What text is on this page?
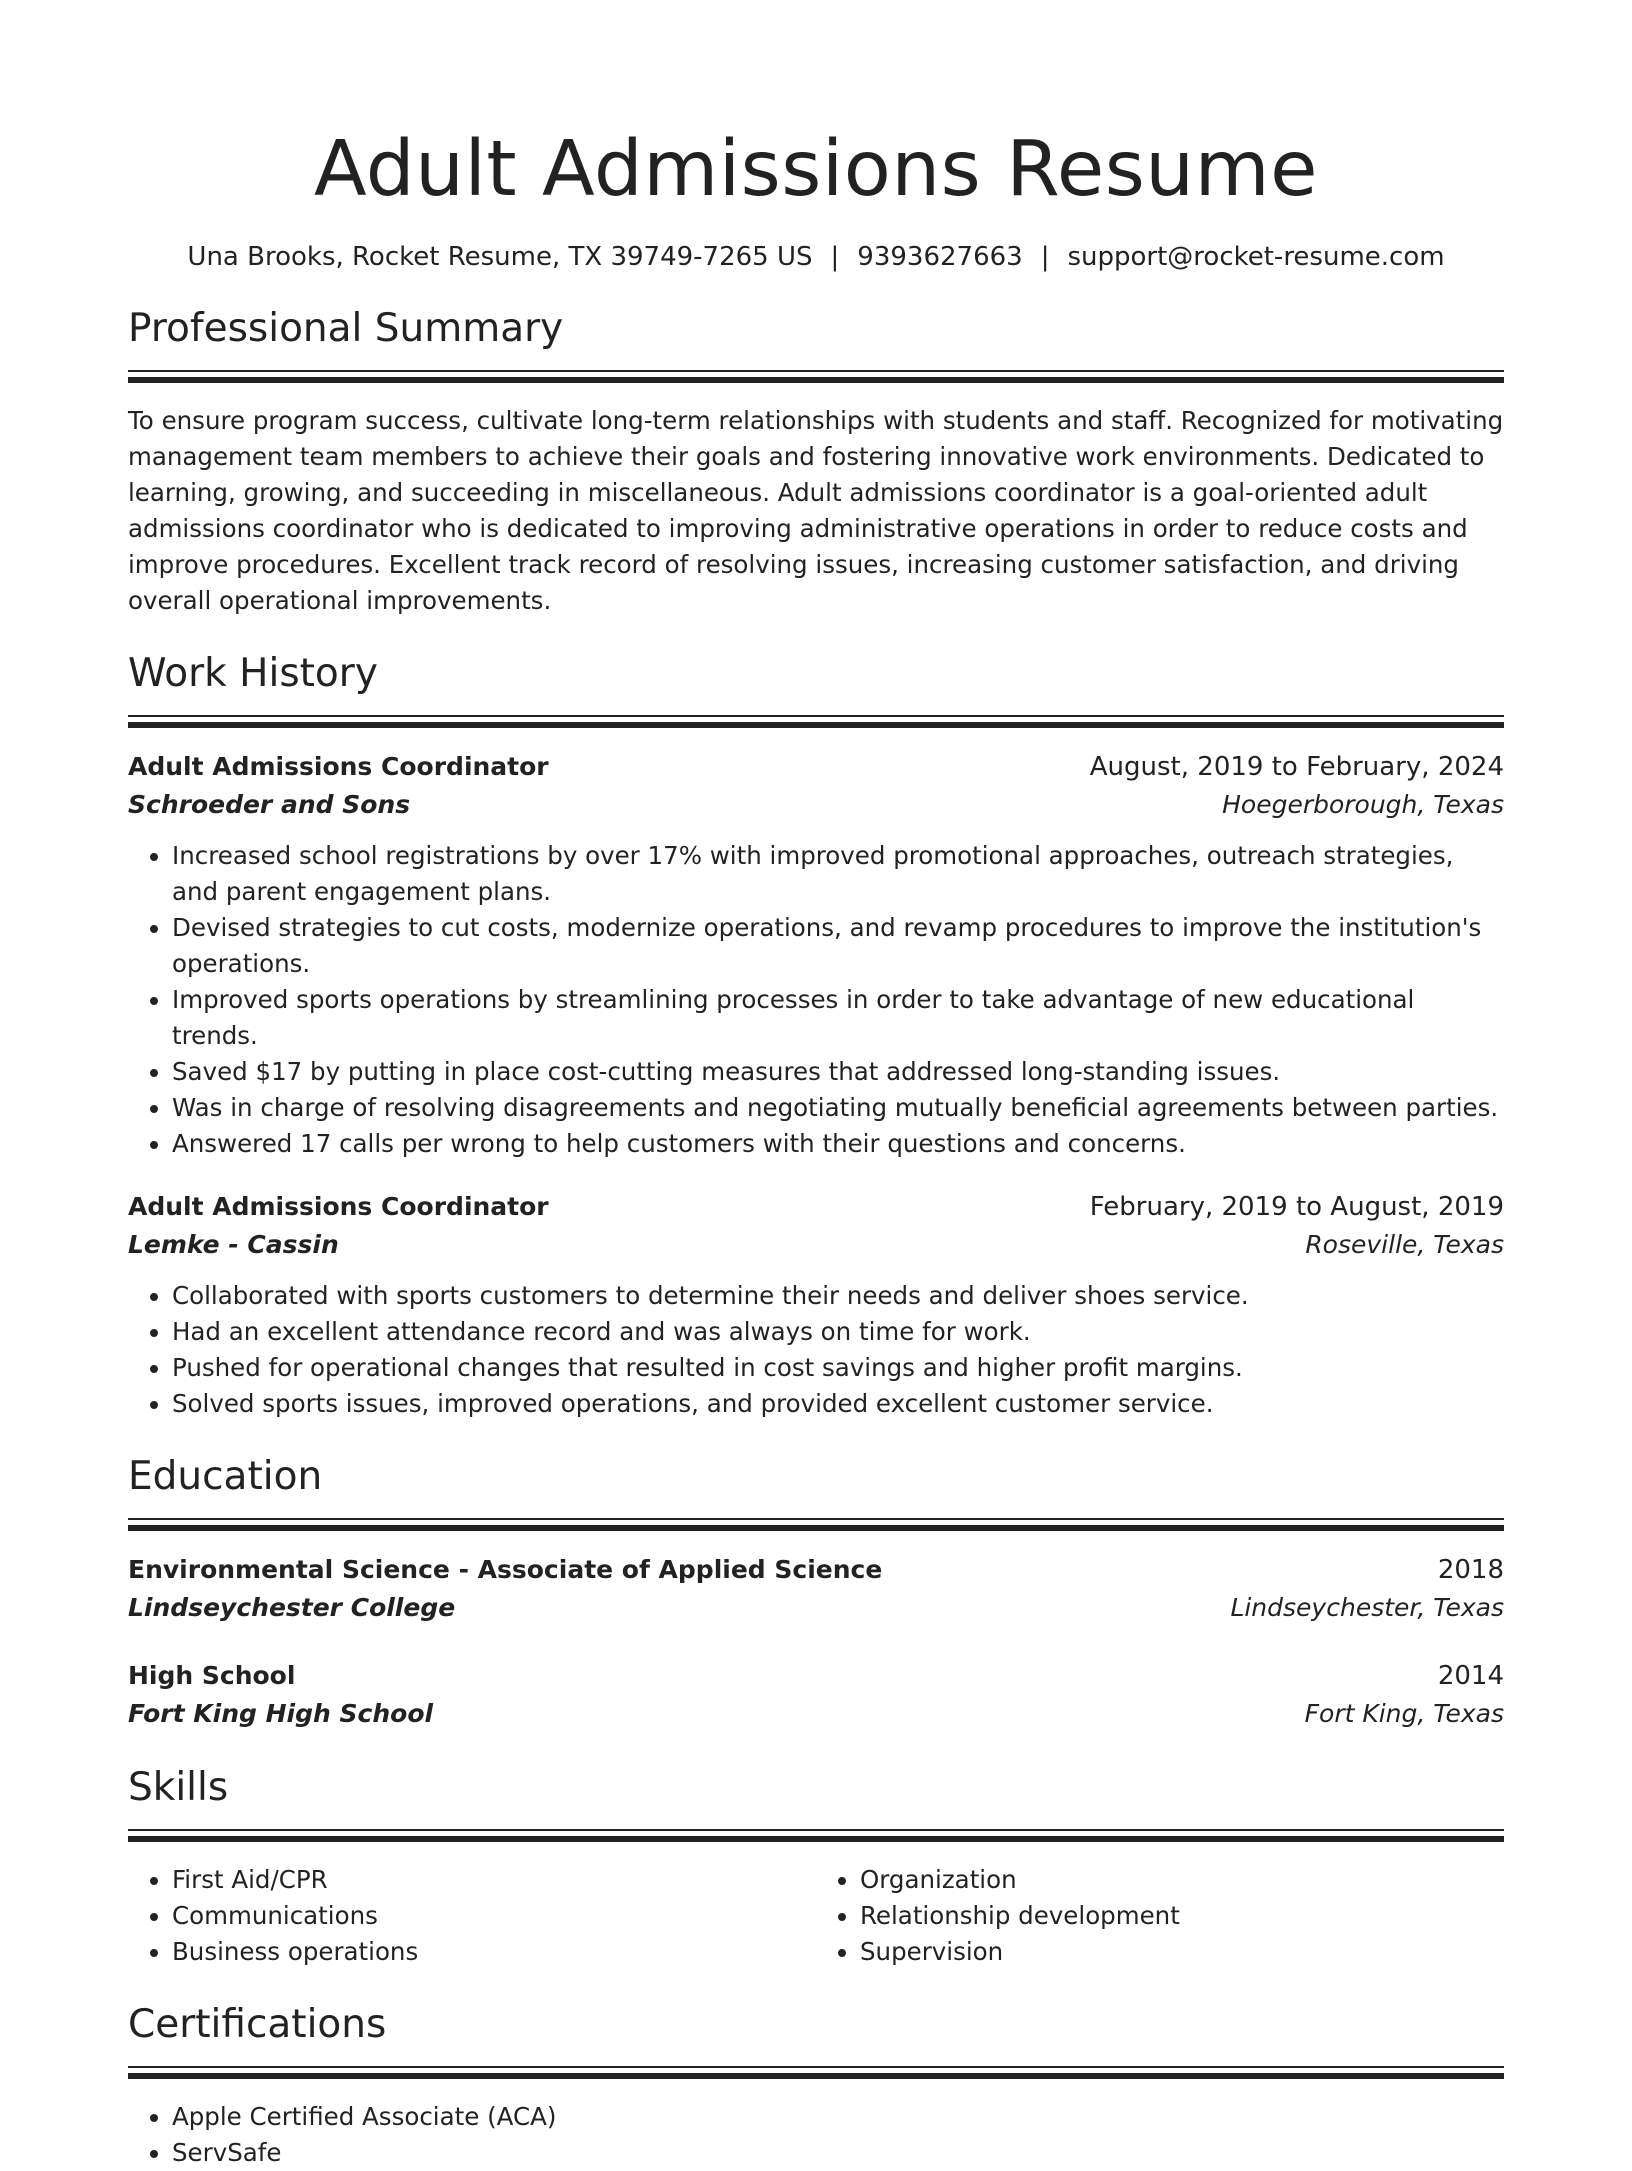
Adult Admissions Resume
Una Brooks, Rocket Resume, TX 39749-7265 US | 9393627663 | support@rocket-resume.com
Professional Summary

To ensure program success, cultivate long-term relationships with students and staff. Recognized for motivating management team members to achieve their goals and fostering innovative work environments. Dedicated to learning, growing, and succeeding in miscellaneous. Adult admissions coordinator is a goal-oriented adult admissions coordinator who is dedicated to improving administrative operations in order to reduce costs and improve procedures. Excellent track record of resolving issues, increasing customer satisfaction, and driving overall operational improvements.

Work History
Adult Admissions Coordinator	August, 2019 to February, 2024
Schroeder and Sons	Hoegerborough, Texas
• Increased school registrations by over 17% with improved promotional approaches, outreach strategies, and parent engagement plans.
• Devised strategies to cut costs, modernize operations, and revamp procedures to improve the institution's operations.
• Improved sports operations by streamlining processes in order to take advantage of new educational trends.
• Saved $17 by putting in place cost-cutting measures that addressed long-standing issues.
• Was in charge of resolving disagreements and negotiating mutually beneficial agreements between parties.
• Answered 17 calls per wrong to help customers with their questions and concerns.
Adult Admissions Coordinator	February, 2019 to August, 2019
Lemke - Cassin	Roseville, Texas
• Collaborated with sports customers to determine their needs and deliver shoes service.
• Had an excellent attendance record and was always on time for work.
• Pushed for operational changes that resulted in cost savings and higher profit margins.
• Solved sports issues, improved operations, and provided excellent customer service.
Education
Environmental Science - Associate of Applied Science	2018
Lindseychester College	Lindseychester, Texas
High School	2014
Fort King High School	Fort King, Texas
Skills
• First Aid/CPR
• Communications
• Business operations
• Organization
• Relationship development
• Supervision
Certifications
• Apple Certified Associate (ACA)
• ServSafe
